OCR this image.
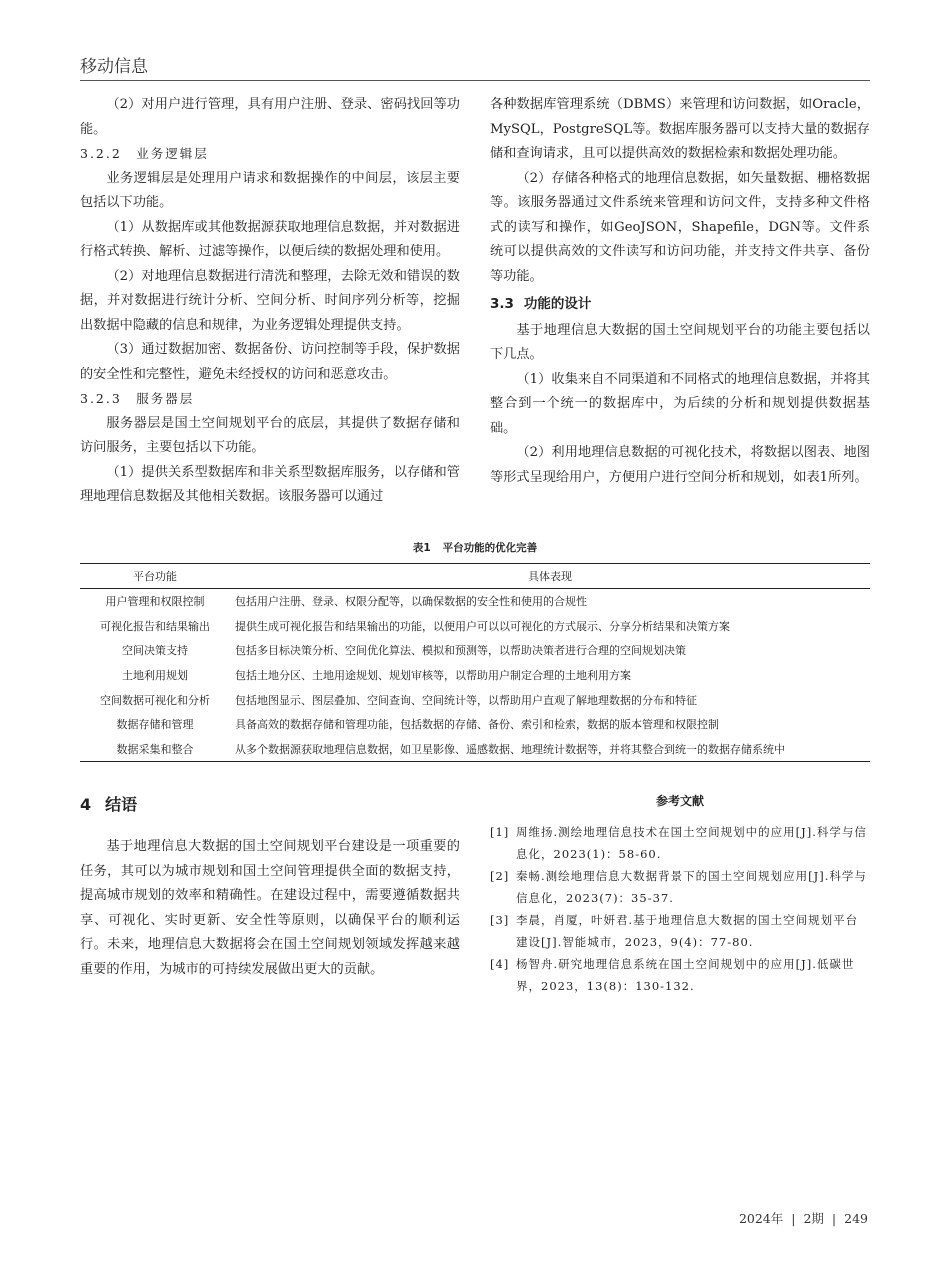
移动信息

（2）对用户进行管理，具有用户注册、登录、密码找回等功能。

3.2.2　业务逻辑层

业务逻辑层是处理用户请求和数据操作的中间层，该层主要包括以下功能。

（1）从数据库或其他数据源获取地理信息数据，并对数据进行格式转换、解析、过滤等操作，以便后续的数据处理和使用。

（2）对地理信息数据进行清洗和整理，去除无效和错误的数据，并对数据进行统计分析、空间分析、时间序列分析等，挖掘出数据中隐藏的信息和规律，为业务逻辑处理提供支持。

（3）通过数据加密、数据备份、访问控制等手段，保护数据的安全性和完整性，避免未经授权的访问和恶意攻击。

3.2.3　服务器层

服务器层是国土空间规划平台的底层，其提供了数据存储和访问服务，主要包括以下功能。

（1）提供关系型数据库和非关系型数据库服务，以存储和管理地理信息数据及其他相关数据。该服务器可以通过

各种数据库管理系统（DBMS）来管理和访问数据，如Oracle，MySQL，PostgreSQL等。数据库服务器可以支持大量的数据存储和查询请求，且可以提供高效的数据检索和数据处理功能。

（2）存储各种格式的地理信息数据，如矢量数据、栅格数据等。该服务器通过文件系统来管理和访问文件，支持多种文件格式的读写和操作，如GeoJSON，Shapefile，DGN等。文件系统可以提供高效的文件读写和访问功能，并支持文件共享、备份等功能。

3.3 功能的设计

基于地理信息大数据的国土空间规划平台的功能主要包括以下几点。

（1）收集来自不同渠道和不同格式的地理信息数据，并将其整合到一个统一的数据库中，为后续的分析和规划提供数据基础。

（2）利用地理信息数据的可视化技术，将数据以图表、地图等形式呈现给用户，方便用户进行空间分析和规划，如表1所列。

表1 平台功能的优化完善
平台功能	具体表现
用户管理和权限控制	包括用户注册、登录、权限分配等，以确保数据的安全性和使用的合规性
可视化报告和结果输出	提供生成可视化报告和结果输出的功能，以便用户可以以可视化的方式展示、分享分析结果和决策方案
空间决策支持	包括多目标决策分析、空间优化算法、模拟和预测等，以帮助决策者进行合理的空间规划决策
土地利用规划	包括土地分区、土地用途规划、规划审核等，以帮助用户制定合理的土地利用方案
空间数据可视化和分析	包括地图显示、图层叠加、空间查询、空间统计等，以帮助用户直观了解地理数据的分布和特征
数据存储和管理	具备高效的数据存储和管理功能，包括数据的存储、备份、索引和检索，数据的版本管理和权限控制
数据采集和整合	从多个数据源获取地理信息数据，如卫星影像、遥感数据、地理统计数据等，并将其整合到统一的数据存储系统中
4 结语

基于地理信息大数据的国土空间规划平台建设是一项重要的任务，其可以为城市规划和国土空间管理提供全面的数据支持，提高城市规划的效率和精确性。在建设过程中，需要遵循数据共享、可视化、实时更新、安全性等原则，以确保平台的顺利运行。未来，地理信息大数据将会在国土空间规划领域发挥越来越重要的作用，为城市的可持续发展做出更大的贡献。

参考文献
[1] 周维扬.测绘地理信息技术在国土空间规划中的应用[J].科学与信息化，2023(1)：58-60.
[2] 秦畅.测绘地理信息大数据背景下的国土空间规划应用[J].科学与信息化，2023(7)：35-37.
[3] 李晨，肖厦，叶妍君.基于地理信息大数据的国土空间规划平台建设[J].智能城市，2023，9(4)：77-80.
[4] 杨智舟.研究地理信息系统在国土空间规划中的应用[J].低碳世界，2023，13(8)：130-132.
2024年 | 2期 | 249
